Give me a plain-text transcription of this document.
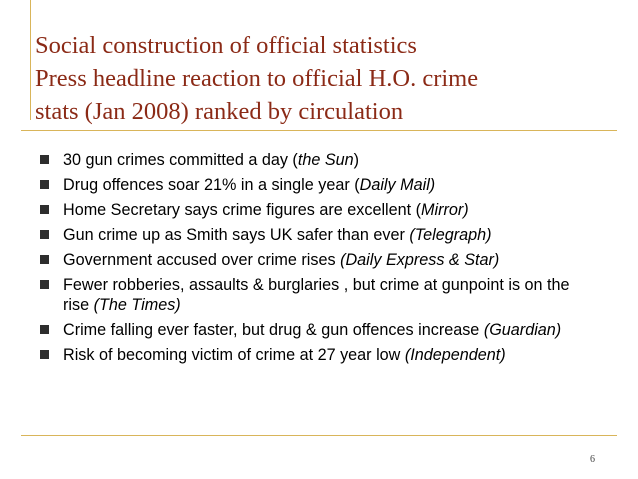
Social construction of official statistics
Press headline reaction to official H.O. crime
stats (Jan 2008) ranked by circulation
30 gun crimes committed a day (the Sun)
Drug offences soar 21% in a single year (Daily Mail)
Home Secretary says crime figures are excellent (Mirror)
Gun crime up as Smith says UK safer than ever (Telegraph)
Government accused over crime rises (Daily Express & Star)
Fewer robberies, assaults & burglaries , but crime at gunpoint is on the rise (The Times)
Crime falling ever faster, but drug & gun offences increase (Guardian)
Risk of becoming victim of crime at 27 year low (Independent)
6
